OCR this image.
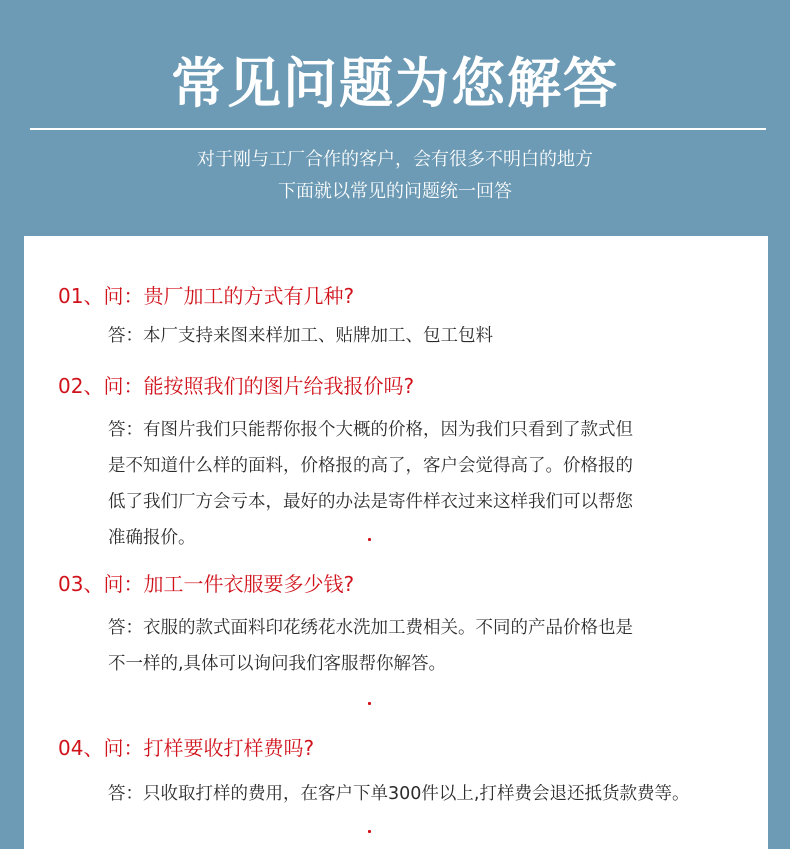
常见问题为您解答
对于刚与工厂合作的客户，会有很多不明白的地方
下面就以常见的问题统一回答
01、问：贵厂加工的方式有几种?
答：本厂支持来图来样加工、贴牌加工、包工包料
02、问：能按照我们的图片给我报价吗?
答：有图片我们只能帮你报个大概的价格，因为我们只看到了款式但
是不知道什么样的面料，价格报的高了，客户会觉得高了。价格报的
低了我们厂方会亏本，最好的办法是寄件样衣过来这样我们可以帮您
准确报价。
03、问：加工一件衣服要多少钱?
答：衣服的款式面料印花绣花水洗加工费相关。不同的产品价格也是
不一样的,具体可以询问我们客服帮你解答。
04、问：打样要收打样费吗?
答：只收取打样的费用，在客户下单300件以上,打样费会退还抵货款费等。
